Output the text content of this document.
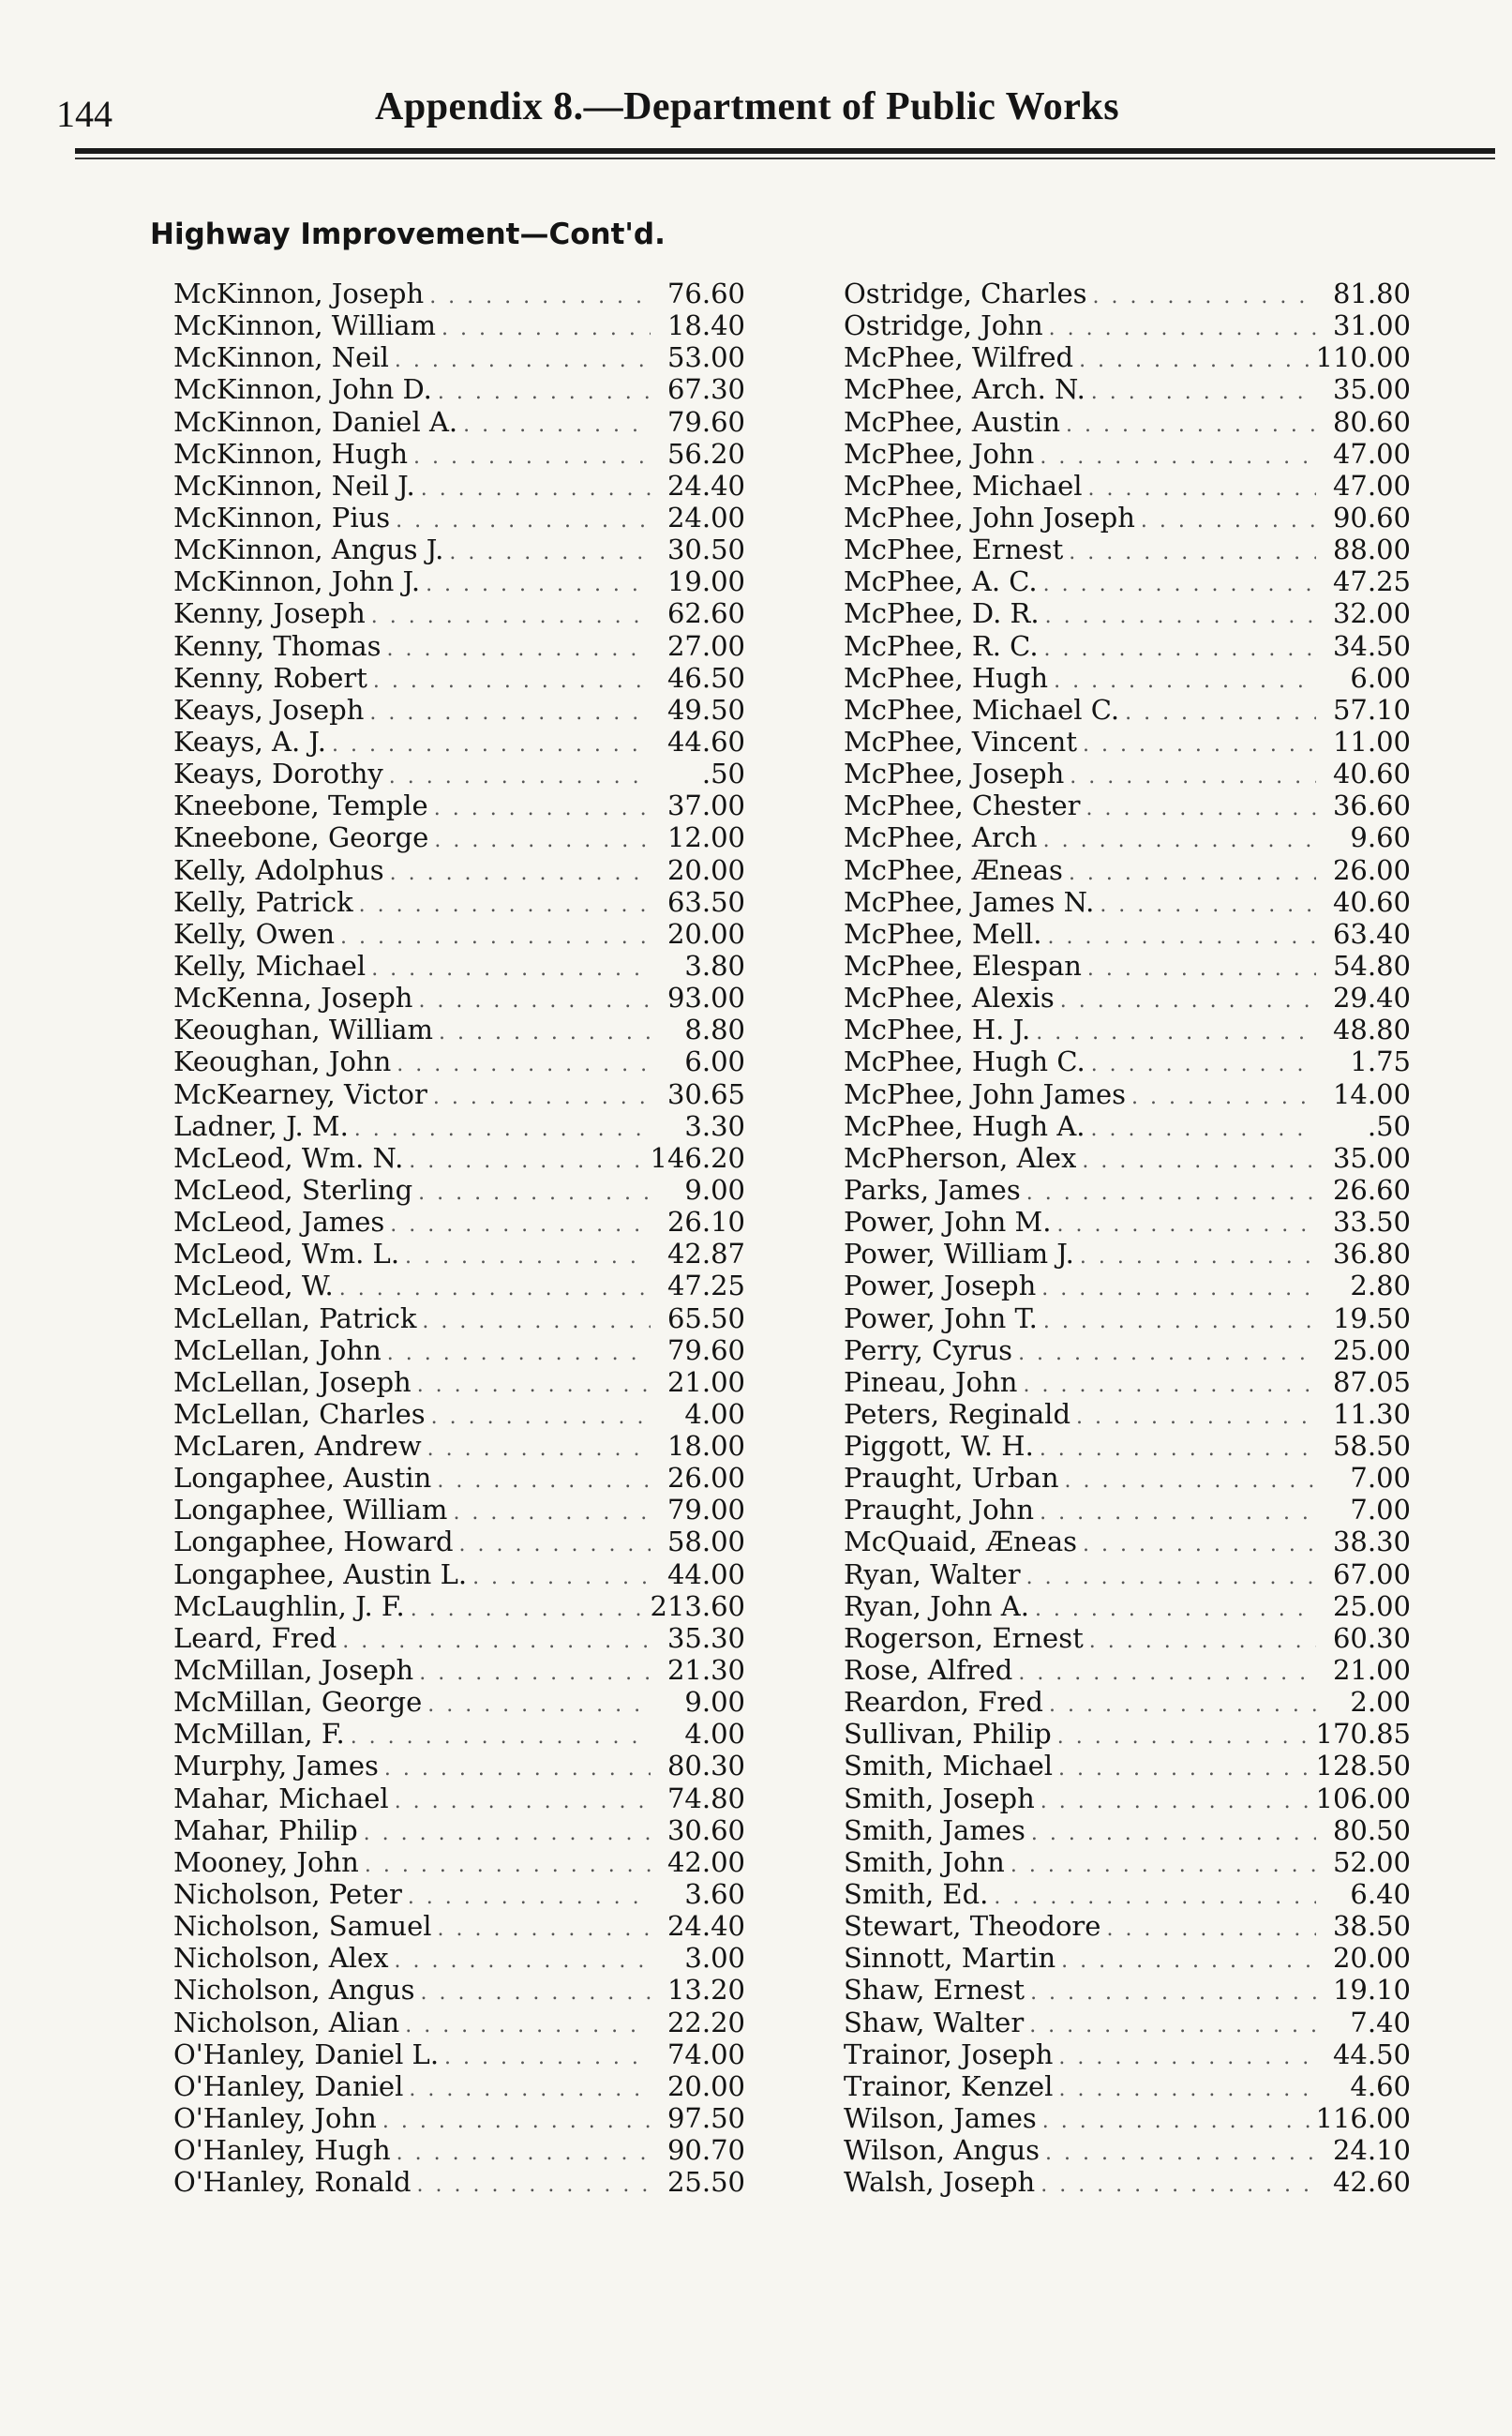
144	Appendix 8.—Department of Public Works
Highway Improvement—Cont'd.
McKinnon, Joseph . . .	76.60
McKinnon, William . . .	18.40
McKinnon, Neil . . .	53.00
McKinnon, John D. . . .	67.30
McKinnon, Daniel A. . . .	79.60
McKinnon, Hugh . . .	56.20
McKinnon, Neil J. . . .	24.40
McKinnon, Pius . . .	24.00
McKinnon, Angus J. . . .	30.50
McKinnon, John J. . . .	19.00
Kenny, Joseph . . .	62.60
Kenny, Thomas . . .	27.00
Kenny, Robert . . .	46.50
Keays, Joseph . . .	49.50
Keays, A. J. . . .	44.60
Keays, Dorothy . . .	.50
Kneebone, Temple . . .	37.00
Kneebone, George . . .	12.00
Kelly, Adolphus . . .	20.00
Kelly, Patrick . . .	63.50
Kelly, Owen . . .	20.00
Kelly, Michael . . .	3.80
McKenna, Joseph . . .	93.00
Keoughan, William . . .	8.80
Keoughan, John . . .	6.00
McKearney, Victor . . .	30.65
Ladner, J. M. . . .	3.30
McLeod, Wm. N. . . .	146.20
McLeod, Sterling . . .	9.00
McLeod, James . . .	26.10
McLeod, Wm. L. . . .	42.87
McLeod, W. . . .	47.25
McLellan, Patrick . . .	65.50
McLellan, John . . .	79.60
McLellan, Joseph . . .	21.00
McLellan, Charles . . .	4.00
McLaren, Andrew . . .	18.00
Longaphee, Austin . . .	26.00
Longaphee, William . . .	79.00
Longaphee, Howard . . .	58.00
Longaphee, Austin L. . . .	44.00
McLaughlin, J. F. . . .	213.60
Leard, Fred . . .	35.30
McMillan, Joseph . . .	21.30
McMillan, George . . .	9.00
McMillan, F. . . .	4.00
Murphy, James . . .	80.30
Mahar, Michael . . .	74.80
Mahar, Philip . . .	30.60
Mooney, John . . .	42.00
Nicholson, Peter . . .	3.60
Nicholson, Samuel . . .	24.40
Nicholson, Alex . . .	3.00
Nicholson, Angus . . .	13.20
Nicholson, Alian . . .	22.20
O'Hanley, Daniel L. . . .	74.00
O'Hanley, Daniel . . .	20.00
O'Hanley, John . . .	97.50
O'Hanley, Hugh . . .	90.70
O'Hanley, Ronald . . .	25.50
Ostridge, Charles . . .	81.80
Ostridge, John . . .	31.00
McPhee, Wilfred . . .	110.00
McPhee, Arch. N. . . .	35.00
McPhee, Austin . . .	80.60
McPhee, John . . .	47.00
McPhee, Michael . . .	47.00
McPhee, John Joseph . . .	90.60
McPhee, Ernest . . .	88.00
McPhee, A. C. . . .	47.25
McPhee, D. R. . . .	32.00
McPhee, R. C. . . .	34.50
McPhee, Hugh . . .	6.00
McPhee, Michael C. . . .	57.10
McPhee, Vincent . . .	11.00
McPhee, Joseph . . .	40.60
McPhee, Chester . . .	36.60
McPhee, Arch . . .	9.60
McPhee, Æneas . . .	26.00
McPhee, James N. . . .	40.60
McPhee, Mell. . . .	63.40
McPhee, Elespan . . .	54.80
McPhee, Alexis . . .	29.40
McPhee, H. J. . . .	48.80
McPhee, Hugh C. . . .	1.75
McPhee, John James . . .	14.00
McPhee, Hugh A. . . .	.50
McPherson, Alex . . .	35.00
Parks, James . . .	26.60
Power, John M. . . .	33.50
Power, William J. . . .	36.80
Power, Joseph . . .	2.80
Power, John T. . . .	19.50
Perry, Cyrus . . .	25.00
Pineau, John . . .	87.05
Peters, Reginald . . .	11.30
Piggott, W. H. . . .	58.50
Praught, Urban . . .	7.00
Praught, John . . .	7.00
McQuaid, Æneas . . .	38.30
Ryan, Walter . . .	67.00
Ryan, John A. . . .	25.00
Rogerson, Ernest . . .	60.30
Rose, Alfred . . .	21.00
Reardon, Fred . . .	2.00
Sullivan, Philip . . .	170.85
Smith, Michael . . .	128.50
Smith, Joseph . . .	106.00
Smith, James . . .	80.50
Smith, John . . .	52.00
Smith, Ed. . . .	6.40
Stewart, Theodore . . .	38.50
Sinnott, Martin . . .	20.00
Shaw, Ernest . . .	19.10
Shaw, Walter . . .	7.40
Trainor, Joseph . . .	44.50
Trainor, Kenzel . . .	4.60
Wilson, James . . .	116.00
Wilson, Angus . . .	24.10
Walsh, Joseph . . .	42.60
